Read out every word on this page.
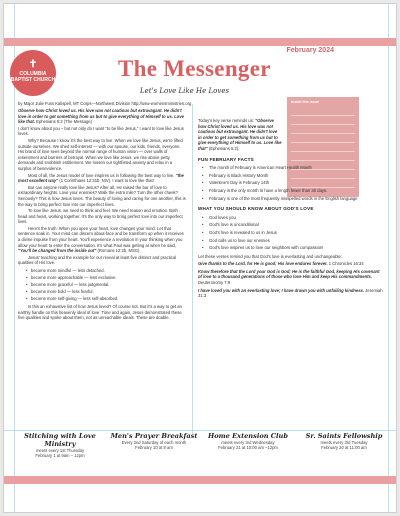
✝
COLUMBIA BAPTIST CHURCH
February 2024
The Messenger
Let's Love Like He Loves
by Major Julie Fuss Kalispell, MT Corps—Northwest Division http://usw-womensministries.org

Observe how Christ loved us. His love was not cautious but extravagant. He didn't love in order to get something from us but to give everything of Himself to us. Love like that. Ephesians 5:2 (The Message)

I don't know about you – but not only do I want "to be like Jesus," I want to love like Jesus loves.

Why? Because I know it's the best way to live. When we love like Jesus, we're lifted outside ourselves. We shed self-interest — with our spouse, our kids, friends, everyone. His brand of love sees beyond the normal range of human vision — over walls of resentment and barriers of betrayal. When we love like Jesus, we rise above petty demands and snobbish entitlement. We loosen our tightfisted anxiety and relax in a surplus of benevolence.

Most of all, the Jesus model of love inspires us in following the best way to live. "the most excellent way" (1 Corinthians 12:31b, NIV). I want to love like that!

But can anyone really love like Jesus? After all, He raised the bar of love to extraordinary heights. Love your enemies? Walk the extra mile? Turn the other cheek? Seriously? This is how Jesus loves. The beauty of loving and caring for one another, this is the way to bring perfect love into our imperfect lives.

To love like Jesus, we need to think and feel. We need reason and emotion. Both head and heart, working together. It's the only way to bring perfect love into our imperfect lives.

Here's the truth: When you open your heart, love changes your mind. Let that sentence soak in. Your mind can discern about-face and be transform up when it receives a divine impulse from your heart. You'll experience a revolution in your thinking when you allow your heart to enter the conversation. It's what Paul was getting at when he said, "You'll be changed from the inside out" (Romans 12:2b, MSG).

Jesus' teaching and the example for our reveal at least five distinct and practical qualities of His love:

• become more mindful — less detached.
• become more approachable — less exclusive.
• become more graceful — less judgmental.
• become more bold — less fearful.
• become more self-giving — less self-absorbed.

Is this an exhaustive list of how Jesus loved? Of course not. But it's a way to get an earthly handle on this heavenly ideal of love. Time and again, Jesus demonstrated these five qualities and spoke about them, not as unreachable ideals. These are doable.

Inside this issue

Today's key verse reminds us: "Observe how Christ loved us. His love was not cautious but extravagant. He didn't love in order to get something from us but to give everything of Himself to us. Love like that" (Ephesians 5:2).

FUN FEBRUARY FACTS
• The month of February is American Heart Health Month
• February is Black History Month
• Valentine's Day is February 14th
• February is the only month to have a length fewer than 30 days.
• February is one of the most frequently misspelled words in the English language
WHAT YOU SHOULD KNOW ABOUT GOD'S LOVE
• God loves you
• God's love is unconditional
• God's love is revealed to us in Jesus
• God calls us to love our enemies
• God's love inspires us to love our neighbors with compassion!

Let these verses remind you that God's love is everlasting and unchangeable:

Give thanks to the Lord, for He is good; His love endures forever. 1 Chronicles 16:34

Know therefore that the Lord your God is God; He is the faithful God, keeping His covenant of love to a thousand generations of those who love Him and keep His commandments. Deuteronomy 7:9

I have loved you with an everlasting love; I have drawn you with unfailing kindness. Jeremiah 31:3

Stitching with Love Ministry
meets every 1st Thursday
February 1 at 9am – 12pm
Men's Prayer Breakfast
Every 2nd Saturday of each month
February 10 at 8 am
Home Extension Club
meets every 3rd Wednesday
February 21 at 10:00 am –12pm
Sr. Saints Fellowship
meets every 3rd Tuesday
February 20 at 11:00 am
